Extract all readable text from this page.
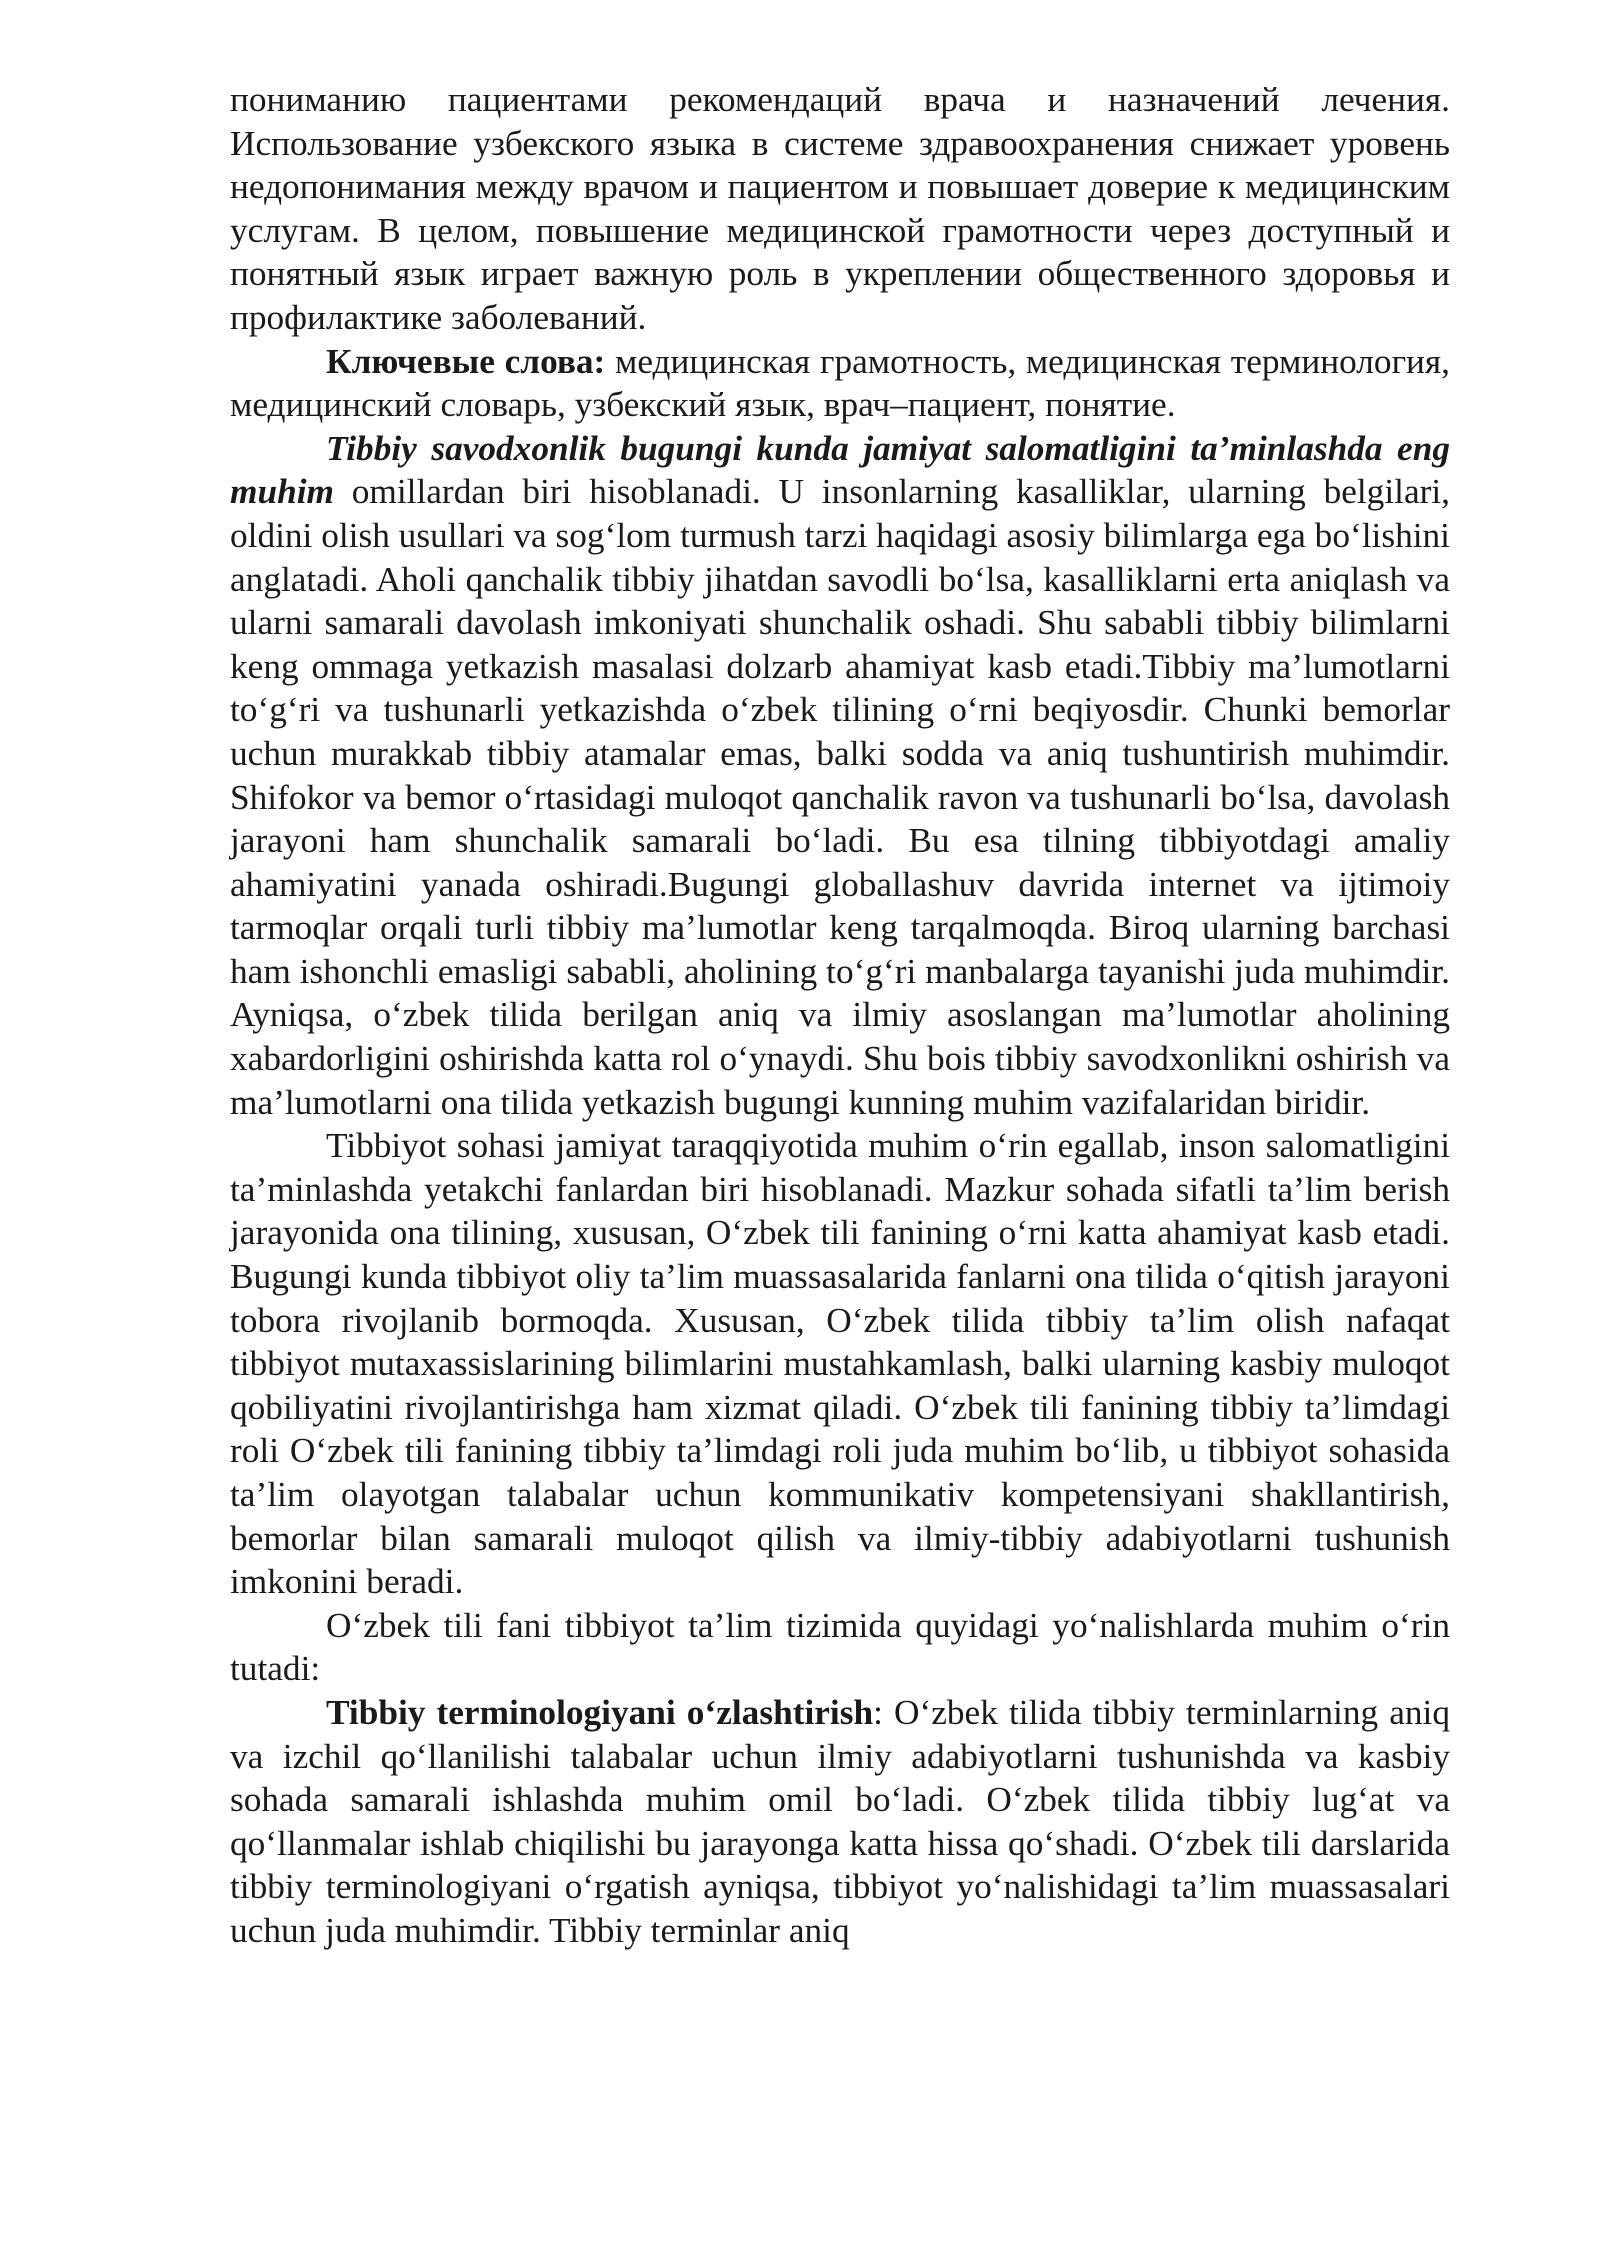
пониманию пациентами рекомендаций врача и назначений лечения. Использование узбекского языка в системе здравоохранения снижает уровень недопонимания между врачом и пациентом и повышает доверие к медицинским услугам. В целом, повышение медицинской грамотности через доступный и понятный язык играет важную роль в укреплении общественного здоровья и профилактике заболеваний.

Ключевые слова: медицинская грамотность, медицинская терминология, медицинский словарь, узбекский язык, врач–пациент, понятие.

Tibbiy savodxonlik bugungi kunda jamiyat salomatligini ta’minlashda eng muhim omillardan biri hisoblanadi. U insonlarning kasalliklar, ularning belgilari, oldini olish usullari va sog‘lom turmush tarzi haqidagi asosiy bilimlarga ega bo‘lishini anglatadi. Aholi qanchalik tibbiy jihatdan savodli bo‘lsa, kasalliklarni erta aniqlash va ularni samarali davolash imkoniyati shunchalik oshadi. Shu sababli tibbiy bilimlarni keng ommaga yetkazish masalasi dolzarb ahamiyat kasb etadi.Tibbiy ma’lumotlarni to‘g‘ri va tushunarli yetkazishda o‘zbek tilining o‘rni beqiyosdir. Chunki bemorlar uchun murakkab tibbiy atamalar emas, balki sodda va aniq tushuntirish muhimdir. Shifokor va bemor o‘rtasidagi muloqot qanchalik ravon va tushunarli bo‘lsa, davolash jarayoni ham shunchalik samarali bo‘ladi. Bu esa tilning tibbiyotdagi amaliy ahamiyatini yanada oshiradi.Bugungi globallashuv davrida internet va ijtimoiy tarmoqlar orqali turli tibbiy ma’lumotlar keng tarqalmoqda. Biroq ularning barchasi ham ishonchli emasligi sababli, aholining to‘g‘ri manbalarga tayanishi juda muhimdir. Ayniqsa, o‘zbek tilida berilgan aniq va ilmiy asoslangan ma’lumotlar aholining xabardorligini oshirishda katta rol o‘ynaydi. Shu bois tibbiy savodxonlikni oshirish va ma’lumotlarni ona tilida yetkazish bugungi kunning muhim vazifalaridan biridir.

Tibbiyot sohasi jamiyat taraqqiyotida muhim o‘rin egallab, inson salomatligini ta’minlashda yetakchi fanlardan biri hisoblanadi. Mazkur sohada sifatli ta’lim berish jarayonida ona tilining, xususan, O‘zbek tili fanining o‘rni katta ahamiyat kasb etadi. Bugungi kunda tibbiyot oliy ta’lim muassasalarida fanlarni ona tilida o‘qitish jarayoni tobora rivojlanib bormoqda. Xususan, O‘zbek tilida tibbiy ta’lim olish nafaqat tibbiyot mutaxassislarining bilimlarini mustahkamlash, balki ularning kasbiy muloqot qobiliyatini rivojlantirishga ham xizmat qiladi. O‘zbek tili fanining tibbiy ta’limdagi roli O‘zbek tili fanining tibbiy ta’limdagi roli juda muhim bo‘lib, u tibbiyot sohasida ta’lim olayotgan talabalar uchun kommunikativ kompetensiyani shakllantirish, bemorlar bilan samarali muloqot qilish va ilmiy-tibbiy adabiyotlarni tushunish imkonini beradi.

O‘zbek tili fani tibbiyot ta’lim tizimida quyidagi yo‘nalishlarda muhim o‘rin tutadi:

Tibbiy terminologiyani o‘zlashtirish: O‘zbek tilida tibbiy terminlarning aniq va izchil qo‘llanilishi talabalar uchun ilmiy adabiyotlarni tushunishda va kasbiy sohada samarali ishlashda muhim omil bo‘ladi. O‘zbek tilida tibbiy lug‘at va qo‘llanmalar ishlab chiqilishi bu jarayonga katta hissa qo‘shadi. O‘zbek tili darslarida tibbiy terminologiyani o‘rgatish ayniqsa, tibbiyot yo‘nalishidagi ta’lim muassasalari uchun juda muhimdir. Tibbiy terminlar aniq
